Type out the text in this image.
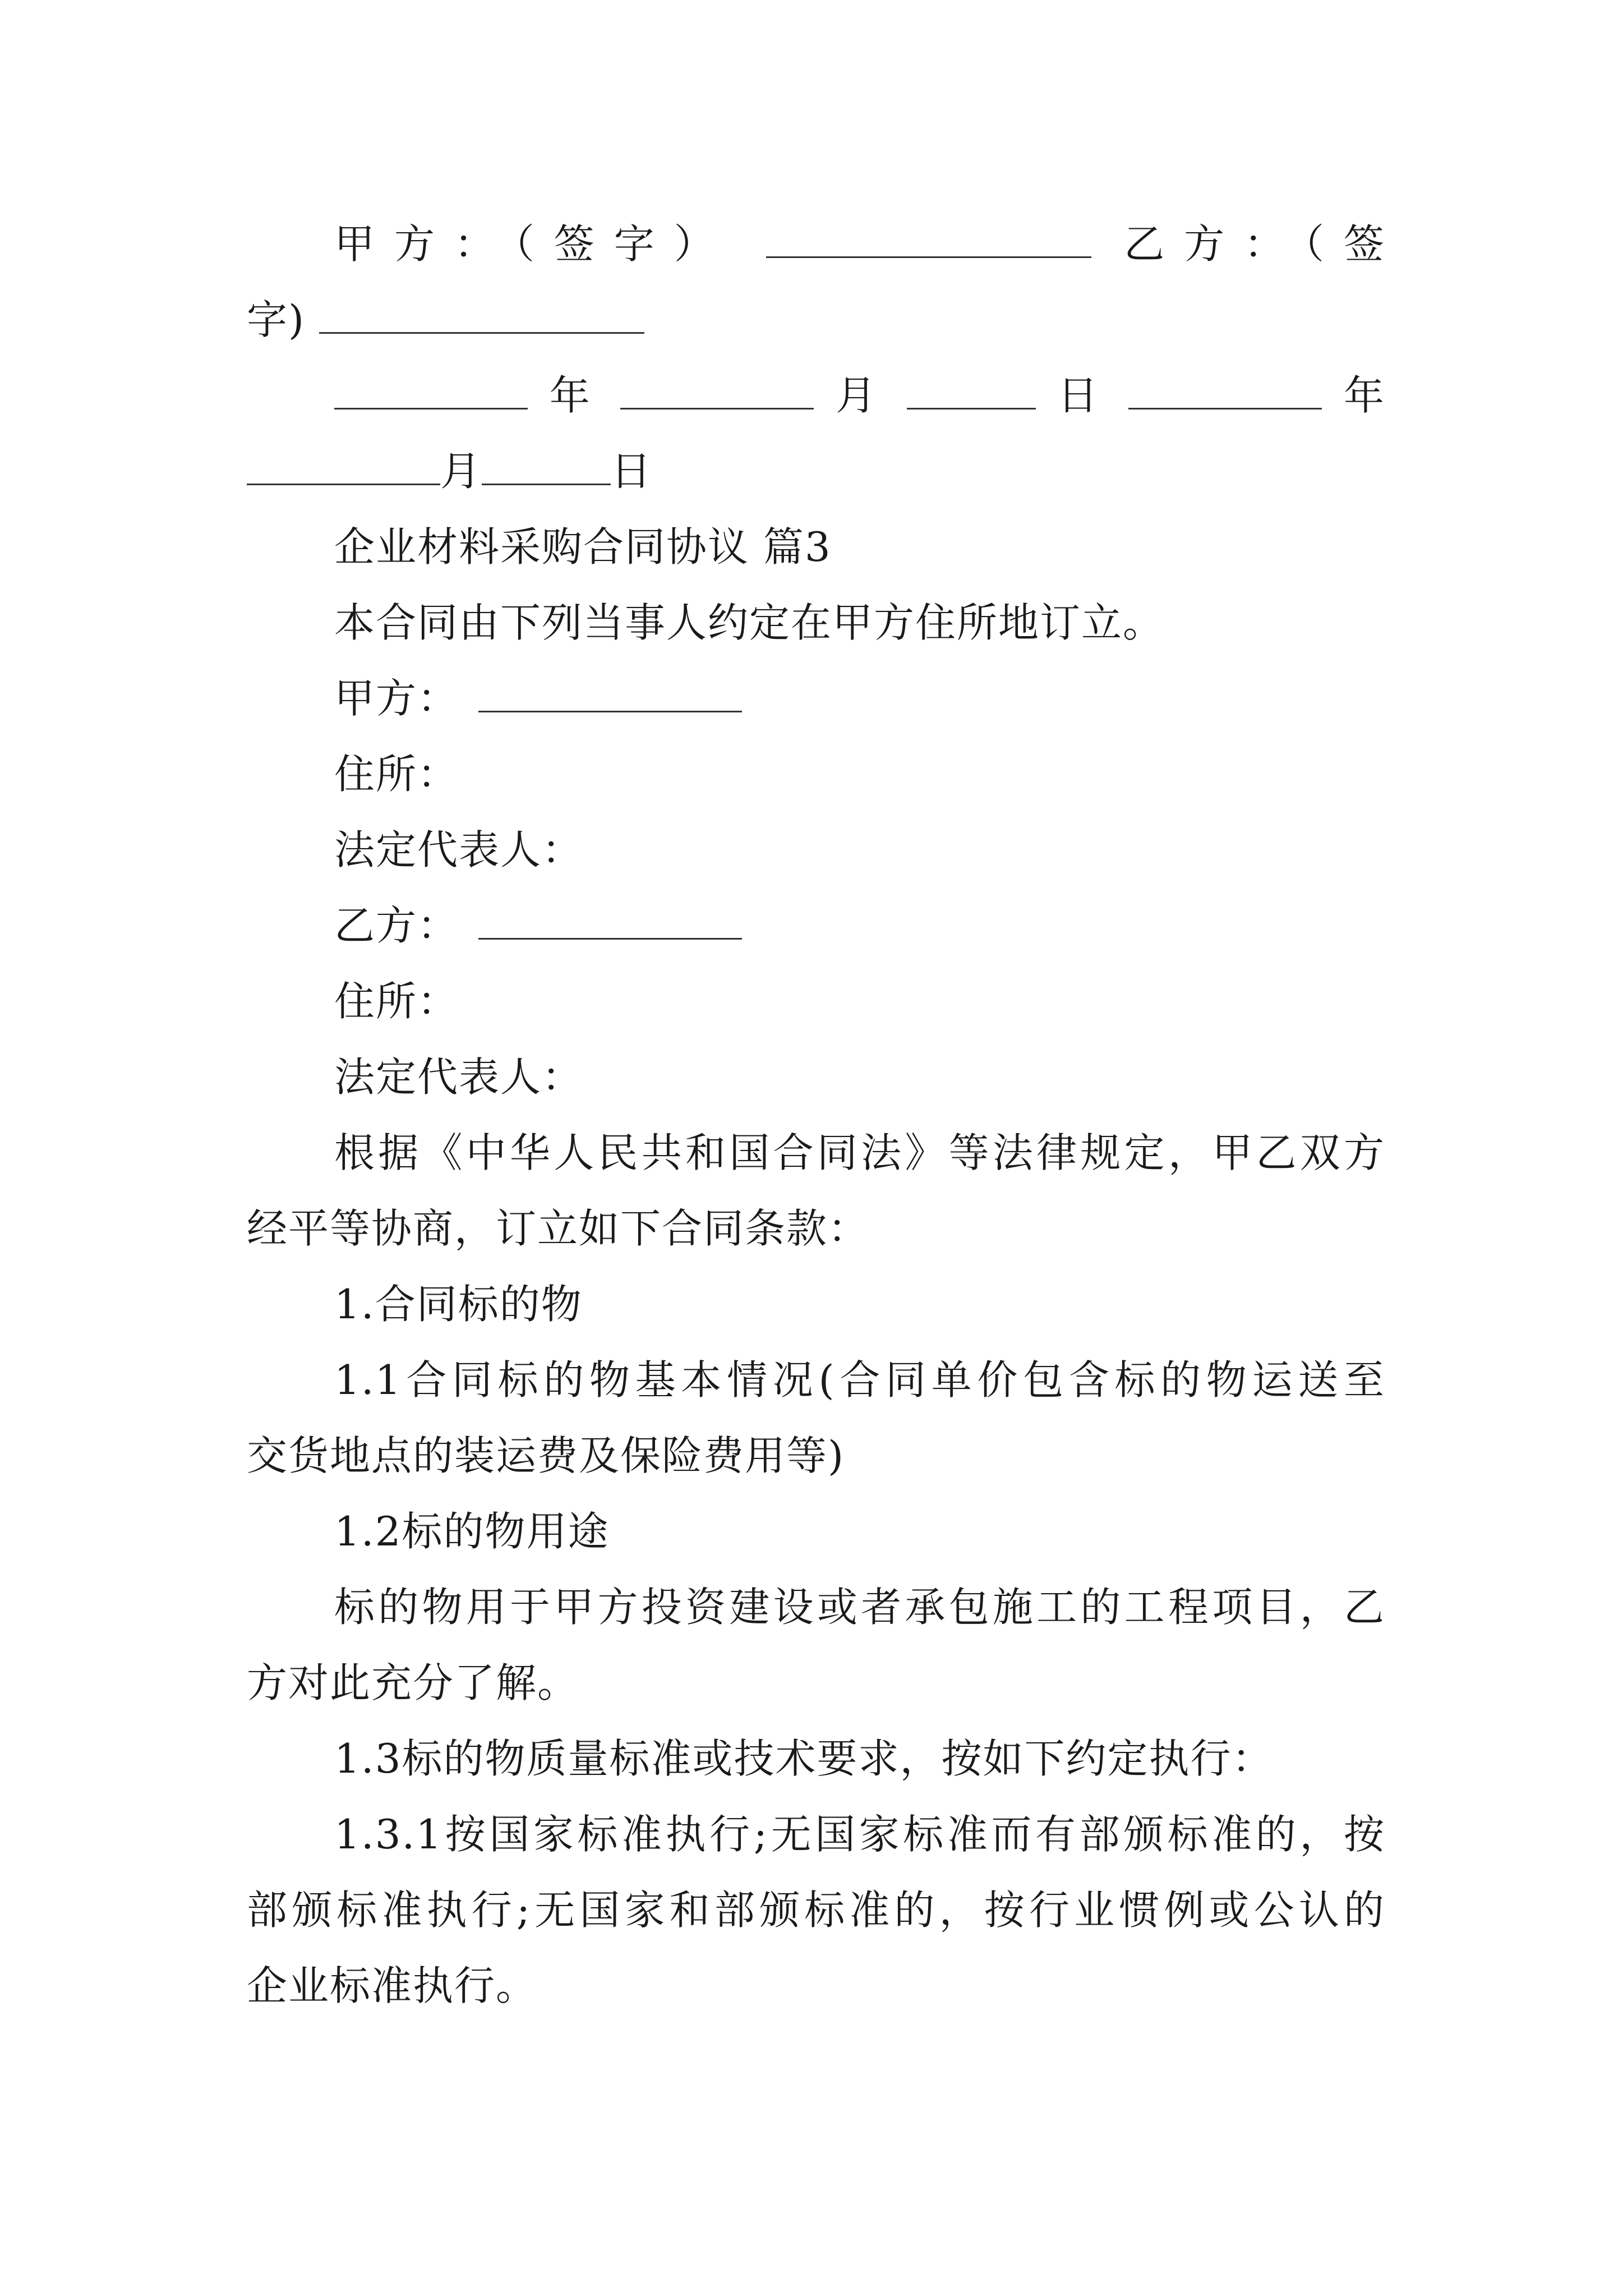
甲方：（签字）	乙方：（签
字)
年	月	日	年
月	日
企业材料采购合同协议 篇3
本合同由下列当事人约定在甲方住所地订立。
甲方：
住所：
法定代表人：
乙方：
住所：
法定代表人：
根据《中华人民共和国合同法》等法律规定，甲乙双方
经平等协商，订立如下合同条款：
1.合同标的物
1.1合同标的物基本情况(合同单价包含标的物运送至
交货地点的装运费及保险费用等)
1.2标的物用途
标的物用于甲方投资建设或者承包施工的工程项目，乙
方对此充分了解。
1.3标的物质量标准或技术要求，按如下约定执行：
1.3.1按国家标准执行;无国家标准而有部颁标准的，按
部颁标准执行;无国家和部颁标准的，按行业惯例或公认的
企业标准执行。
